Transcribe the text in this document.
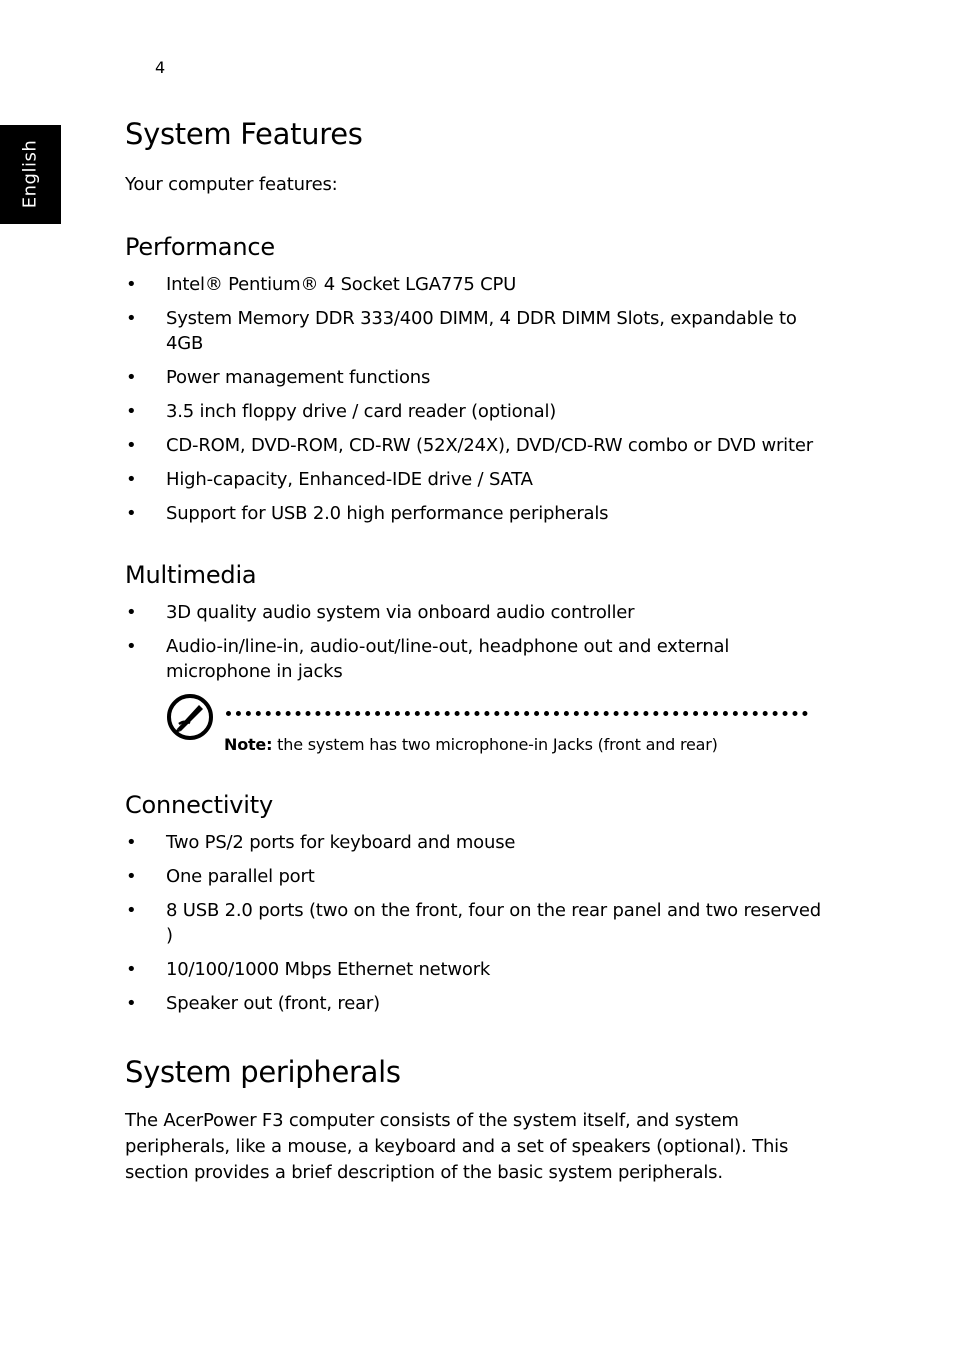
4
English
System Features

Your computer features:

Performance
• Intel® Pentium® 4 Socket LGA775 CPU
• System Memory DDR 333/400 DIMM, 4 DDR DIMM Slots, expandable to 4GB
• Power management functions
• 3.5 inch floppy drive / card reader (optional)
• CD-ROM, DVD-ROM, CD-RW (52X/24X), DVD/CD-RW combo or DVD writer
• High-capacity, Enhanced-IDE drive / SATA
• Support for USB 2.0 high performance peripherals
Multimedia
• 3D quality audio system via onboard audio controller
• Audio-in/line-in, audio-out/line-out, headphone out and external microphone in jacks
Note: the system has two microphone-in Jacks (front and rear)
Connectivity
• Two PS/2 ports for keyboard and mouse
• One parallel port
• 8 USB 2.0 ports (two on the front, four on the rear panel and two reserved )
• 10/100/1000 Mbps Ethernet network
• Speaker out (front, rear)
System peripherals

The AcerPower F3 computer consists of the system itself, and system peripherals, like a mouse, a keyboard and a set of speakers (optional). This section provides a brief description of the basic system peripherals.
